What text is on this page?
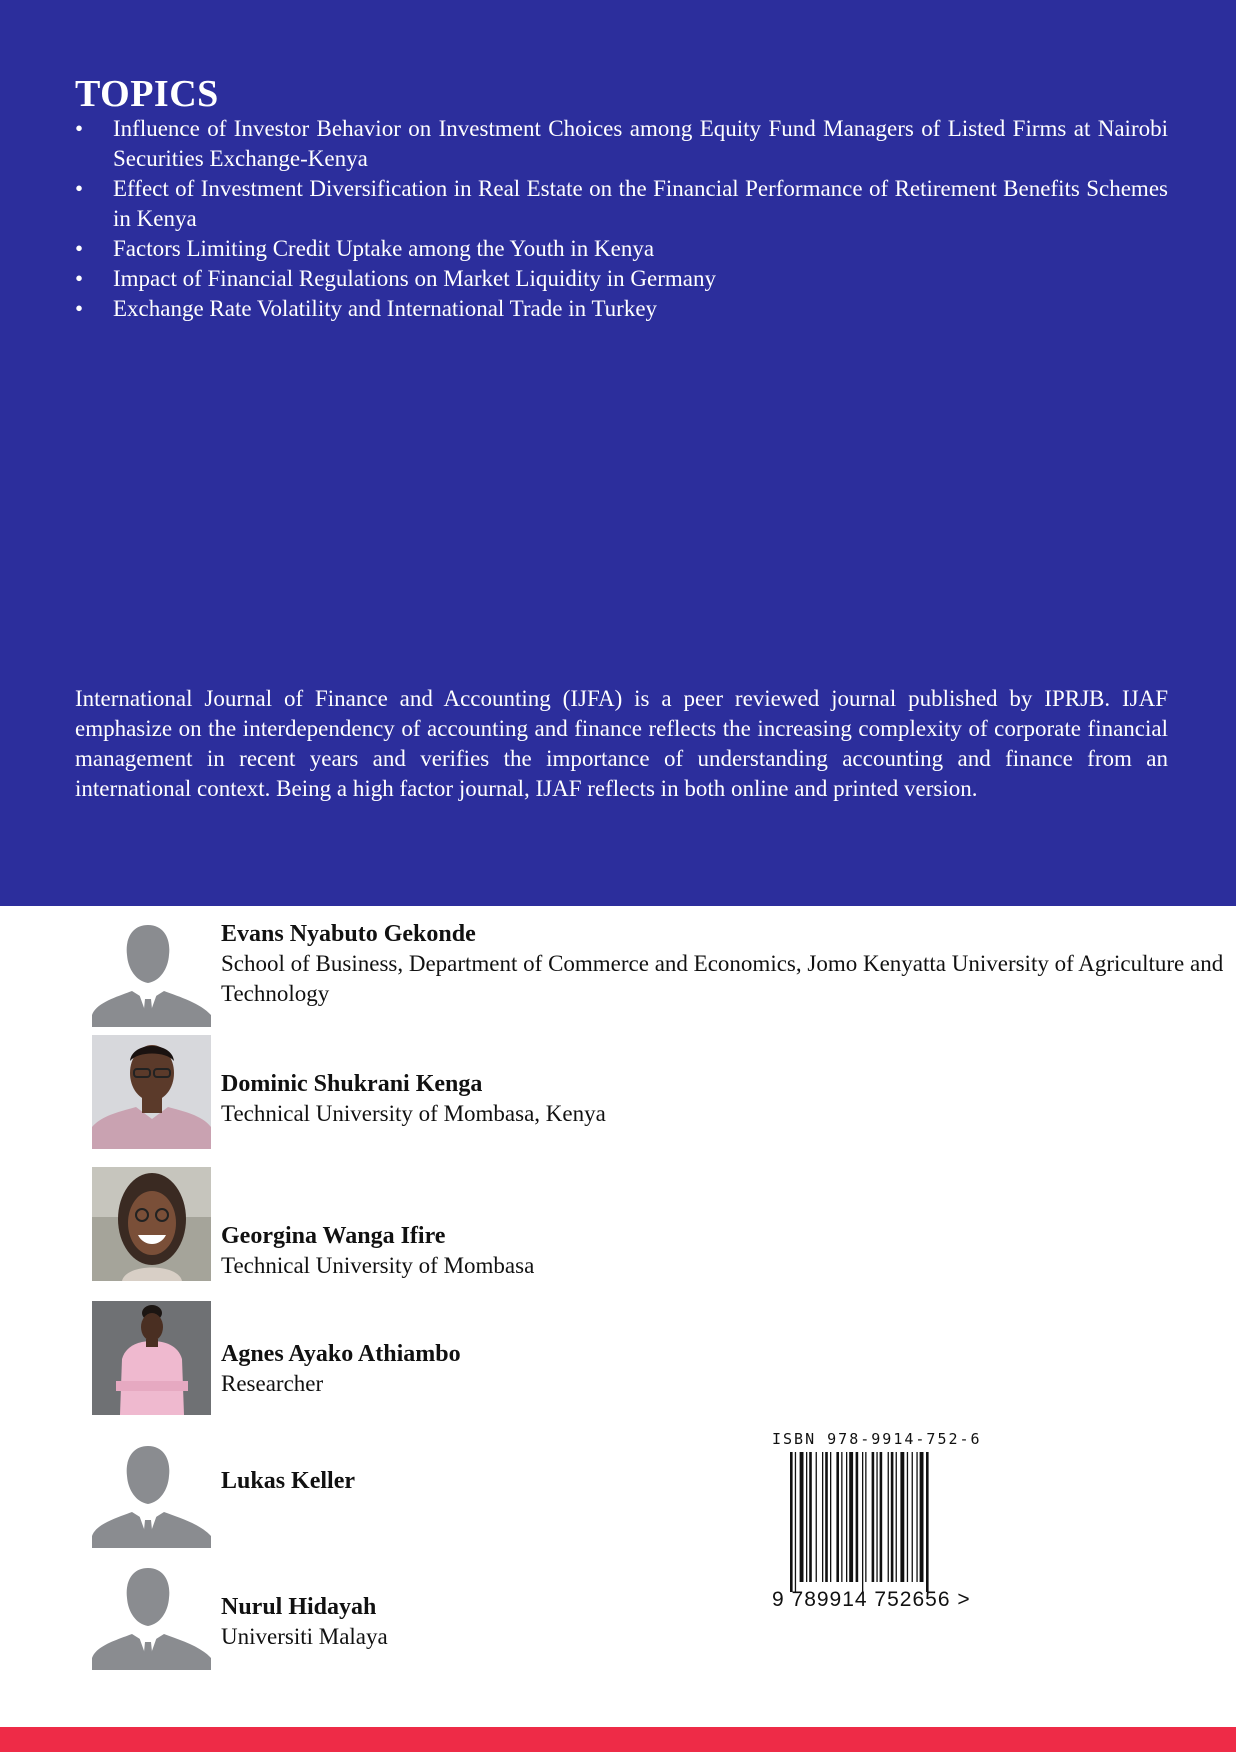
TOPICS
•	Influence of Investor Behavior on Investment Choices among Equity Fund Managers of Listed Firms at Nairobi Securities Exchange-Kenya
•	Effect of Investment Diversification in Real Estate on the Financial Performance of Retirement Benefits Schemes in Kenya
•	Factors Limiting Credit Uptake among the Youth in Kenya
•	Impact of Financial Regulations on Market Liquidity in Germany
•	Exchange Rate Volatility and International Trade in Turkey

International Journal of Finance and Accounting (IJFA) is a peer reviewed journal published by IPRJB. IJAF emphasize on the interdependency of accounting and finance reflects the increasing complexity of corporate financial management in recent years and verifies the importance of understanding accounting and finance from an international context. Being a high factor journal, IJAF reflects in both online and printed version.

Evans Nyabuto Gekonde
School of Business, Department of Commerce and Economics, Jomo Kenyatta University of Agriculture and Technology
Dominic Shukrani Kenga
Technical University of Mombasa, Kenya
Georgina Wanga Ifire
Technical University of Mombasa
Agnes Ayako Athiambo
Researcher
Lukas Keller
Nurul Hidayah
Universiti Malaya
ISBN 978-9914-752-6
9 789914 752656 >
